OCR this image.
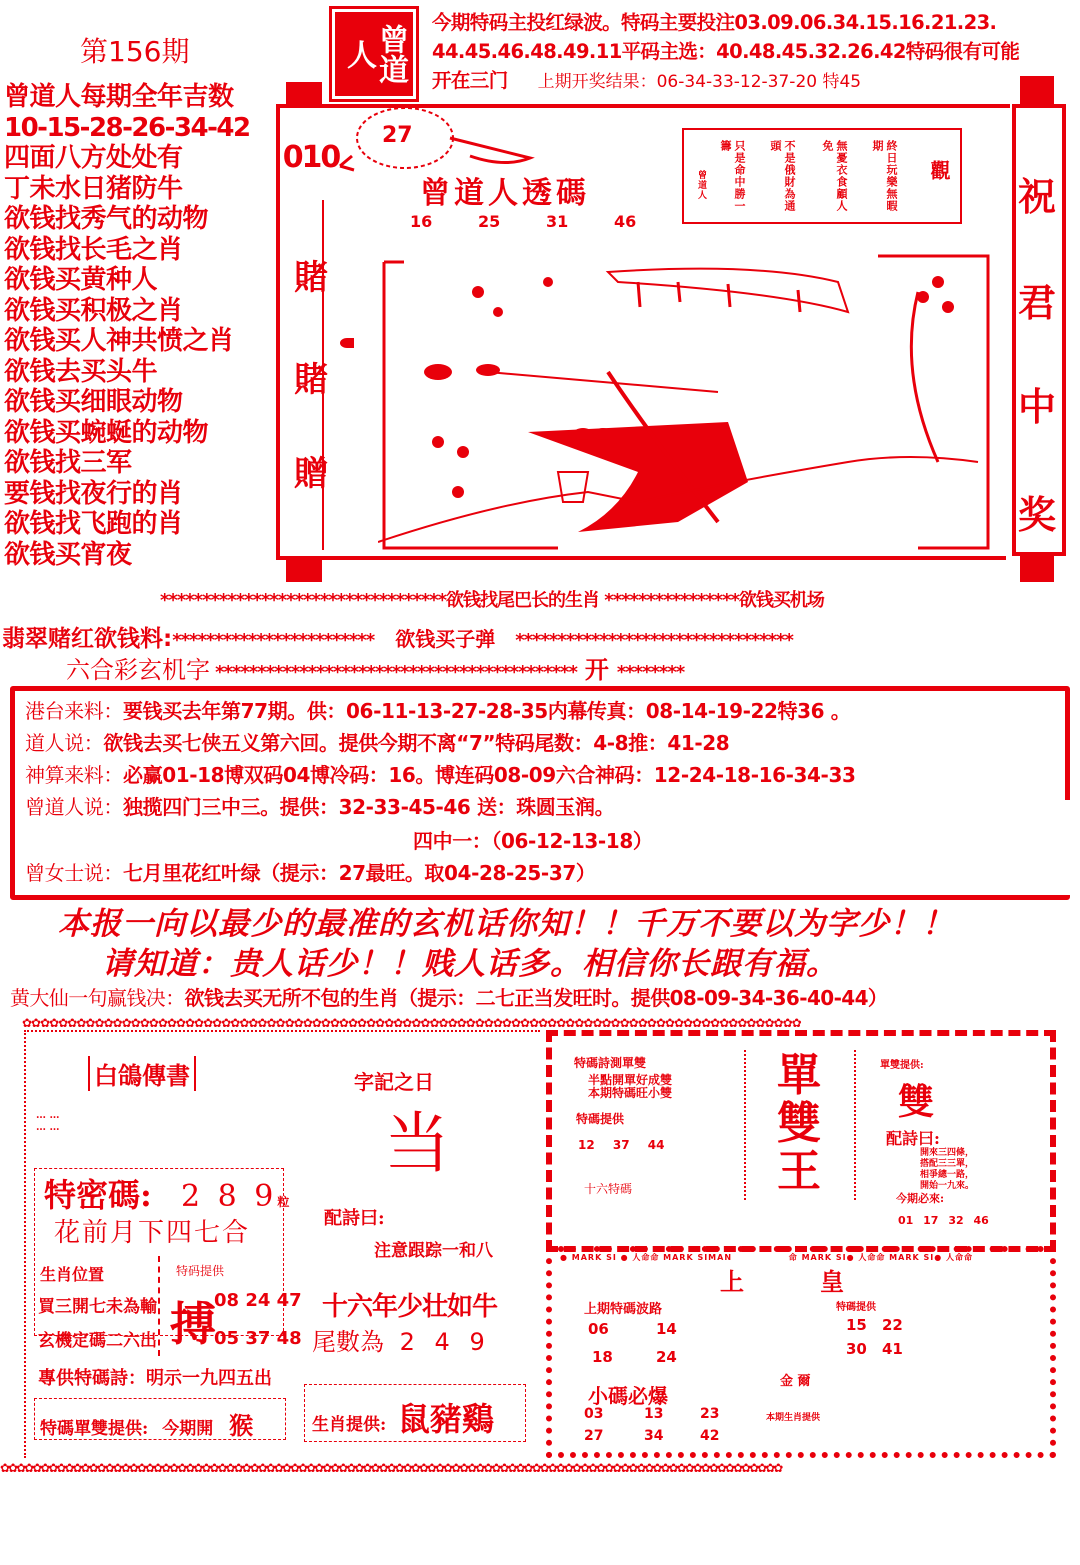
第156期	曾道人
今期特码主投红绿波。特码主要投注03.09.06.34.15.16.21.23.
44.45.46.48.49.11平码主选：40.48.45.32.26.42特码很有可能
开在三门 上期开奖结果：06-34-33-12-37-20 特45
曾道人每期全年吉数
10-15-28-26-34-42
四面八方处处有
丁未水日猪防牛
欲钱找秀气的动物
欲钱找长毛之肖
欲钱买黄种人
欲钱买积极之肖
欲钱买人神共愤之肖
欲钱去买头牛
欲钱买细眼动物
欲钱买蜿蜒的动物
欲钱找三军
要钱找夜行的肖
欲钱找飞跑的肖
欲钱买宵夜
010
賭
賭
贈
27
曾道人透碼
16	25	31	46
觀
終日玩樂無暇期
無憂衣食顧人免
不是俄財為通頭
只是命中勝一籌
曾道人	祝
君
中
奖
**********************************欲钱找尾巴长的生肖 ****************欲钱买机场
翡翠赌红欲钱料:************************ 欲钱买子弹 *********************************
六合彩玄机字 ******************************************* 开 ********
港台来料：要钱买去年第77期。供：06-11-13-27-28-35内幕传真：08-14-19-22特36 。
道人说：欲钱去买七侠五义第六回。提供今期不离“7”特码尾数：4-8推：41-28
神算来料：必赢01-18博双码04博冷码：16。博连码08-09六合神码：12-24-18-16-34-33
曾道人说：独揽四门三中三。提供：32-33-45-46 送：珠圆玉润。
四中一：（06-12-13-18）
曾女士说：七月里花红叶绿（提示：27最旺。取04-28-25-37）
本报一向以最少的最准的玄机话你知！！千万不要以为字少！！
请知道：贵人话少！！贱人话多。相信你长跟有福。
黄大仙一句赢钱决：欲钱去买无所不包的生肖（提示：二七正当发旺时。提供08-09-34-36-40-44）
✿✿✿✿✿✿✿✿✿✿✿✿✿✿✿✿✿✿✿✿✿✿✿✿✿✿✿✿✿✿✿✿✿✿✿✿✿✿✿✿✿✿✿✿✿✿✿✿✿✿✿✿✿✿✿✿✿✿✿✿✿✿✿✿✿✿✿✿✿✿✿✿✿✿✿✿✿✿✿✿✿✿✿✿✿✿
白鴿傳書
… …
… …
字記之日
当
特密碼: 2 8 9粒
花前月下四七合
生肖位置
買三開七未為輸
玄機定碼二六出
特码提供
搏
08 24 47
05 37 48
專供特碼詩：明示一九四五出
特碼單雙提供: 今期開 猴
配詩曰:
注意跟踪一和八
十六年少壮如牛
尾數為 2 4 9
生肖提供: 鼠豬鷄
特碼詩測單雙
半點開單好成雙
本期特碼旺小雙
特碼提供
12 37 44
十六特碼
單
雙
王
單雙提供:
雙
配詩曰:
開來三四條，
搭配三三單，
相爭總一路，
開始一九來。
今期必來:
01 17 32 46
● MARK SI ● 人命命 MARK SIMAN               命 MARK SI● 人命命 MARK SI● 人命命
上	皇
上期特碼波路
06	14
18	24
特碼提供
15 22
30 41
金 爾
小碼必爆
03	13	23
27	34	42
本期生肖提供
✿✿✿✿✿✿✿✿✿✿✿✿✿✿✿✿✿✿✿✿✿✿✿✿✿✿✿✿✿✿✿✿✿✿✿✿✿✿✿✿✿✿✿✿✿✿✿✿✿✿✿✿✿✿✿✿✿✿✿✿✿✿✿✿✿✿✿✿✿✿✿✿✿✿✿✿✿✿✿✿✿✿✿✿✿✿✿✿✿✿✿✿✿✿✿✿✿
